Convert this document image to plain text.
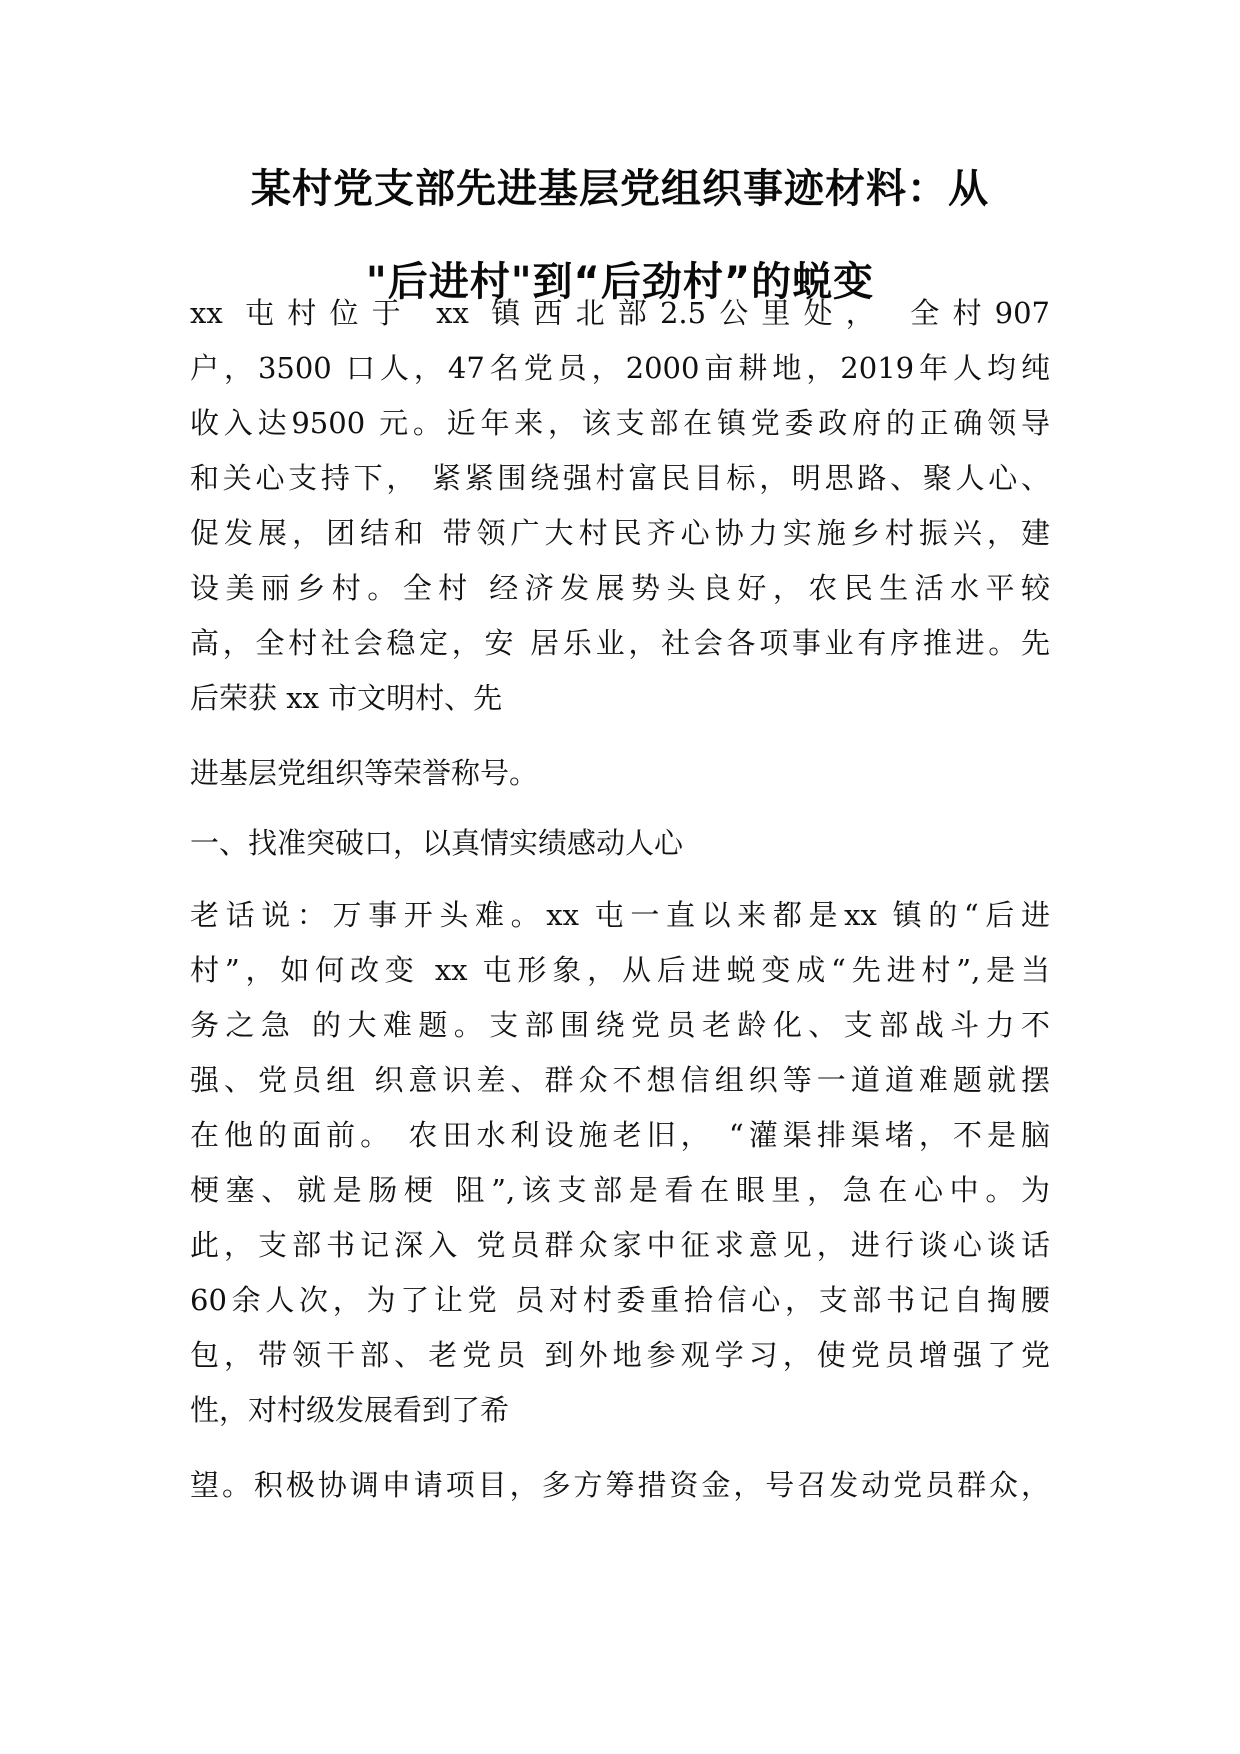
某村党支部先进基层党组织事迹材料：从
"后进村"到“后劲村”的蜕变
xx 屯村位于 xx 镇西北部2.5公里处， 全村907
户，3500 口人，47名党员，2000亩耕地，2019年人均纯
收入达9500 元。近年来，该支部在镇党委政府的正确领导
和关心支持下， 紧紧围绕强村富民目标，明思路、聚人心、
促发展，团结和 带领广大村民齐心协力实施乡村振兴，建
设美丽乡村。全村 经济发展势头良好，农民生活水平较
高，全村社会稳定，安 居乐业，社会各项事业有序推进。先
后荣获 xx 市文明村、先
进基层党组织等荣誉称号。
一、找准突破口，以真情实绩感动人心
老话说：万事开头难。xx 屯一直以来都是xx 镇的“后进
村”，如何改变 xx 屯形象，从后进蜕变成“先进村”,是当
务之急 的大难题。支部围绕党员老龄化、支部战斗力不
强、党员组 织意识差、群众不想信组织等一道道难题就摆
在他的面前。 农田水利设施老旧， “灌渠排渠堵，不是脑
梗塞、就是肠梗 阻”,该支部是看在眼里，急在心中。为
此，支部书记深入 党员群众家中征求意见，进行谈心谈话
60余人次，为了让党 员对村委重拾信心，支部书记自掏腰
包，带领干部、老党员 到外地参观学习，使党员增强了党
性，对村级发展看到了希
望。积极协调申请项目，多方筹措资金，号召发动党员群众，
